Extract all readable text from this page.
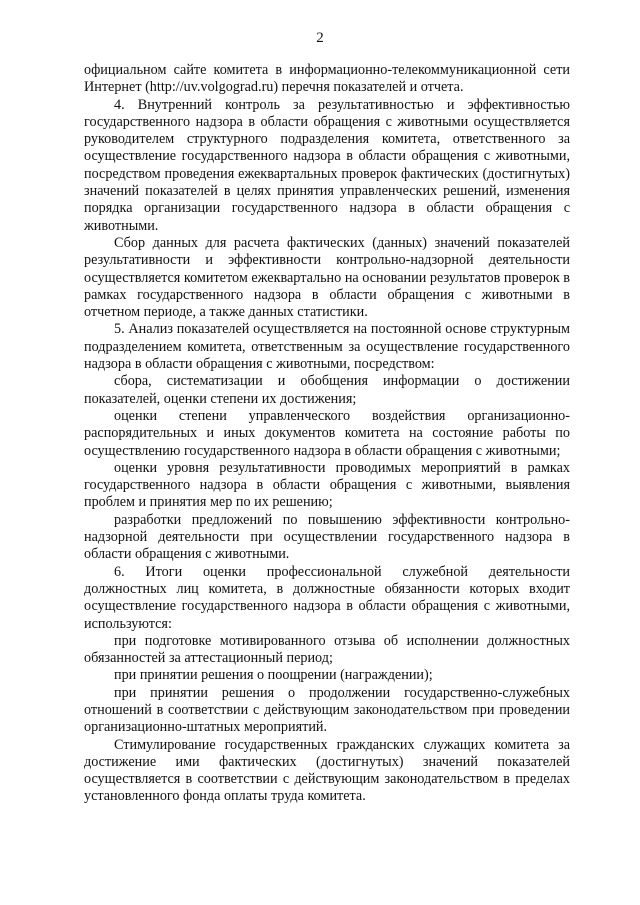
2

официальном сайте комитета в информационно-телекоммуникационной сети Интернет (http://uv.volgograd.ru) перечня показателей и отчета.

4. Внутренний контроль за результативностью и эффективностью государственного надзора в области обращения с животными осуществляется руководителем структурного подразделения комитета, ответственного за осуществление государственного надзора в области обращения с животными, посредством проведения ежеквартальных проверок фактических (достигнутых) значений показателей в целях принятия управленческих решений, изменения порядка организации государственного надзора в области обращения с животными.

Сбор данных для расчета фактических (данных) значений показателей результативности и эффективности контрольно-надзорной деятельности осуществляется комитетом ежеквартально на основании результатов проверок в рамках государственного надзора в области обращения с животными в отчетном периоде, а также данных статистики.

5. Анализ показателей осуществляется на постоянной основе структурным подразделением комитета, ответственным за осуществление государственного надзора в области обращения с животными, посредством:

сбора, систематизации и обобщения информации о достижении показателей, оценки степени их достижения;

оценки степени управленческого воздействия организационно-распорядительных и иных документов комитета на состояние работы по осуществлению государственного надзора в области обращения с животными;

оценки уровня результативности проводимых мероприятий в рамках государственного надзора в области обращения с животными, выявления проблем и принятия мер по их решению;

разработки предложений по повышению эффективности контрольно-надзорной деятельности при осуществлении государственного надзора в области обращения с животными.

6. Итоги оценки профессиональной служебной деятельности должностных лиц комитета, в должностные обязанности которых входит осуществление государственного надзора в области обращения с животными, используются:

при подготовке мотивированного отзыва об исполнении должностных обязанностей за аттестационный период;

при принятии решения о поощрении (награждении);

при принятии решения о продолжении государственно-служебных отношений в соответствии с действующим законодательством при проведении организационно-штатных мероприятий.

Стимулирование государственных гражданских служащих комитета за достижение ими фактических (достигнутых) значений показателей осуществляется в соответствии с действующим законодательством в пределах установленного фонда оплаты труда комитета.
